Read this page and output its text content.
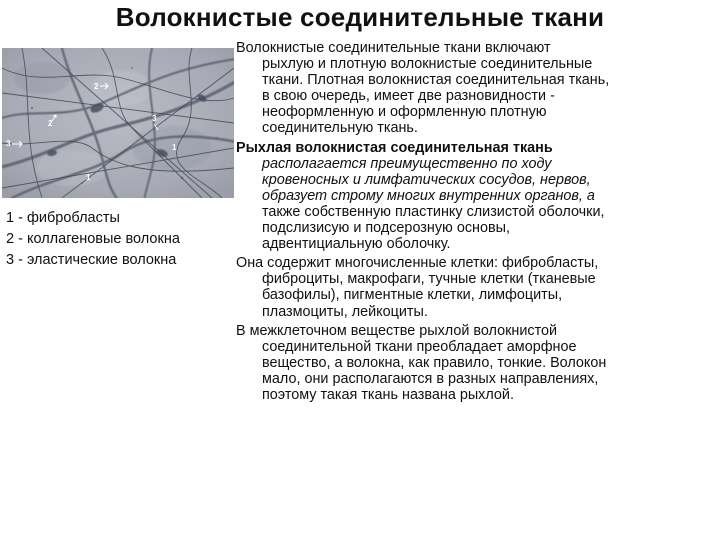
Волокнистые соединительные ткани
2
3
2
1
3	1
1 - фибробласты
2 - коллагеновые волокна
3 - эластические волокна
Волокнистые соединительные ткани включают
рыхлую и плотную волокнистые соединительные
ткани. Плотная волокнистая соединительная ткань,
в свою очередь, имеет две разновидности -
неоформленную и оформленную плотную
соединительную ткань.
Рыхлая волокнистая соединительная ткань
располагается преимущественно по ходу
кровеносных и лимфатических сосудов, нервов,
образует строму многих внутренних органов, а
также собственную пластинку слизистой оболочки,
подслизисую и подсерозную основы,
адвентициальную оболочку.
Она содержит многочисленные клетки: фибробласты,
фиброциты, макрофаги, тучные клетки (тканевые
базофилы), пигментные клетки, лимфоциты,
плазмоциты, лейкоциты.
В межклеточном веществе рыхлой волокнистой
соединительной ткани преобладает аморфное
вещество, а волокна, как правило, тонкие. Волокон
мало, они располагаются в разных направлениях,
поэтому такая ткань названа рыхлой.
